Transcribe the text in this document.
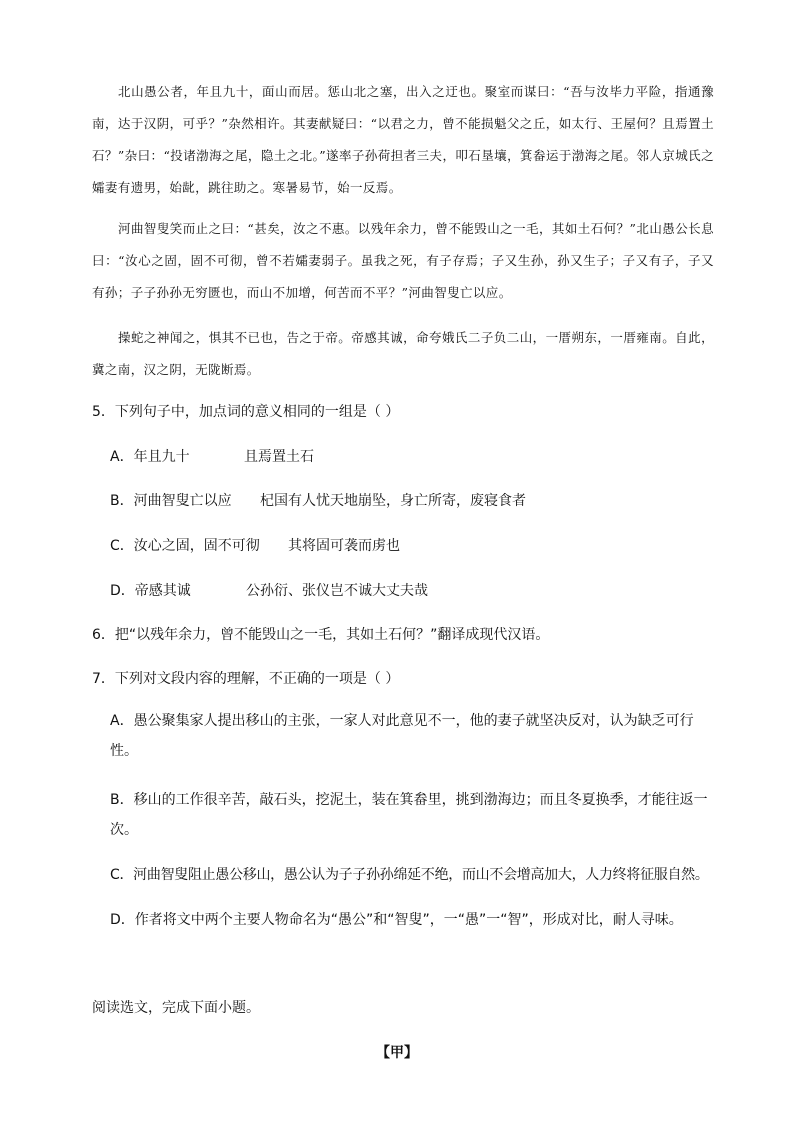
北山愚公者，年且九十，面山而居。惩山北之塞，出入之迂也。聚室而谋曰：“吾与汝毕力平险，指通豫南，达于汉阴，可乎？”杂然相许。其妻献疑曰：“以君之力，曾不能损魁父之丘，如太行、王屋何？且焉置土石？”杂曰：“投诸渤海之尾，隐土之北。”遂率子孙荷担者三夫，叩石垦壤，箕畚运于渤海之尾。邻人京城氏之孀妻有遗男，始龀，跳往助之。寒暑易节，始一反焉。

河曲智叟笑而止之曰：“甚矣，汝之不惠。以残年余力，曾不能毁山之一毛，其如土石何？”北山愚公长息曰：“汝心之固，固不可彻，曾不若孀妻弱子。虽我之死，有子存焉；子又生孙，孙又生子；子又有子，子又有孙；子子孙孙无穷匮也，而山不加增，何苦而不平？”河曲智叟亡以应。

操蛇之神闻之，惧其不已也，告之于帝。帝感其诚，命夸娥氏二子负二山，一厝朔东，一厝雍南。自此，冀之南，汉之阴，无陇断焉。

5．下列句子中，加点词的意义相同的一组是（ ）

A．年且九十	且焉置土石
B．河曲智叟亡以应 杞国有人忧天地崩坠，身亡所寄，废寝食者
C．汝心之固，固不可彻 其将固可袭而虏也
D．帝感其诚	公孙衍、张仪岂不诚大丈夫哉

6．把“以残年余力，曾不能毁山之一毛，其如土石何？”翻译成现代汉语。

7．下列对文段内容的理解，不正确的一项是（ ）

A．愚公聚集家人提出移山的主张，一家人对此意见不一，他的妻子就坚决反对，认为缺乏可行性。

B．移山的工作很辛苦，敲石头，挖泥土，装在箕畚里，挑到渤海边；而且冬夏换季，才能往返一次。

C．河曲智叟阻止愚公移山，愚公认为子子孙孙绵延不绝，而山不会增高加大，人力终将征服自然。

D．作者将文中两个主要人物命名为“愚公”和“智叟”，一“愚”一“智”，形成对比，耐人寻味。

阅读选文，完成下面小题。

【甲】
